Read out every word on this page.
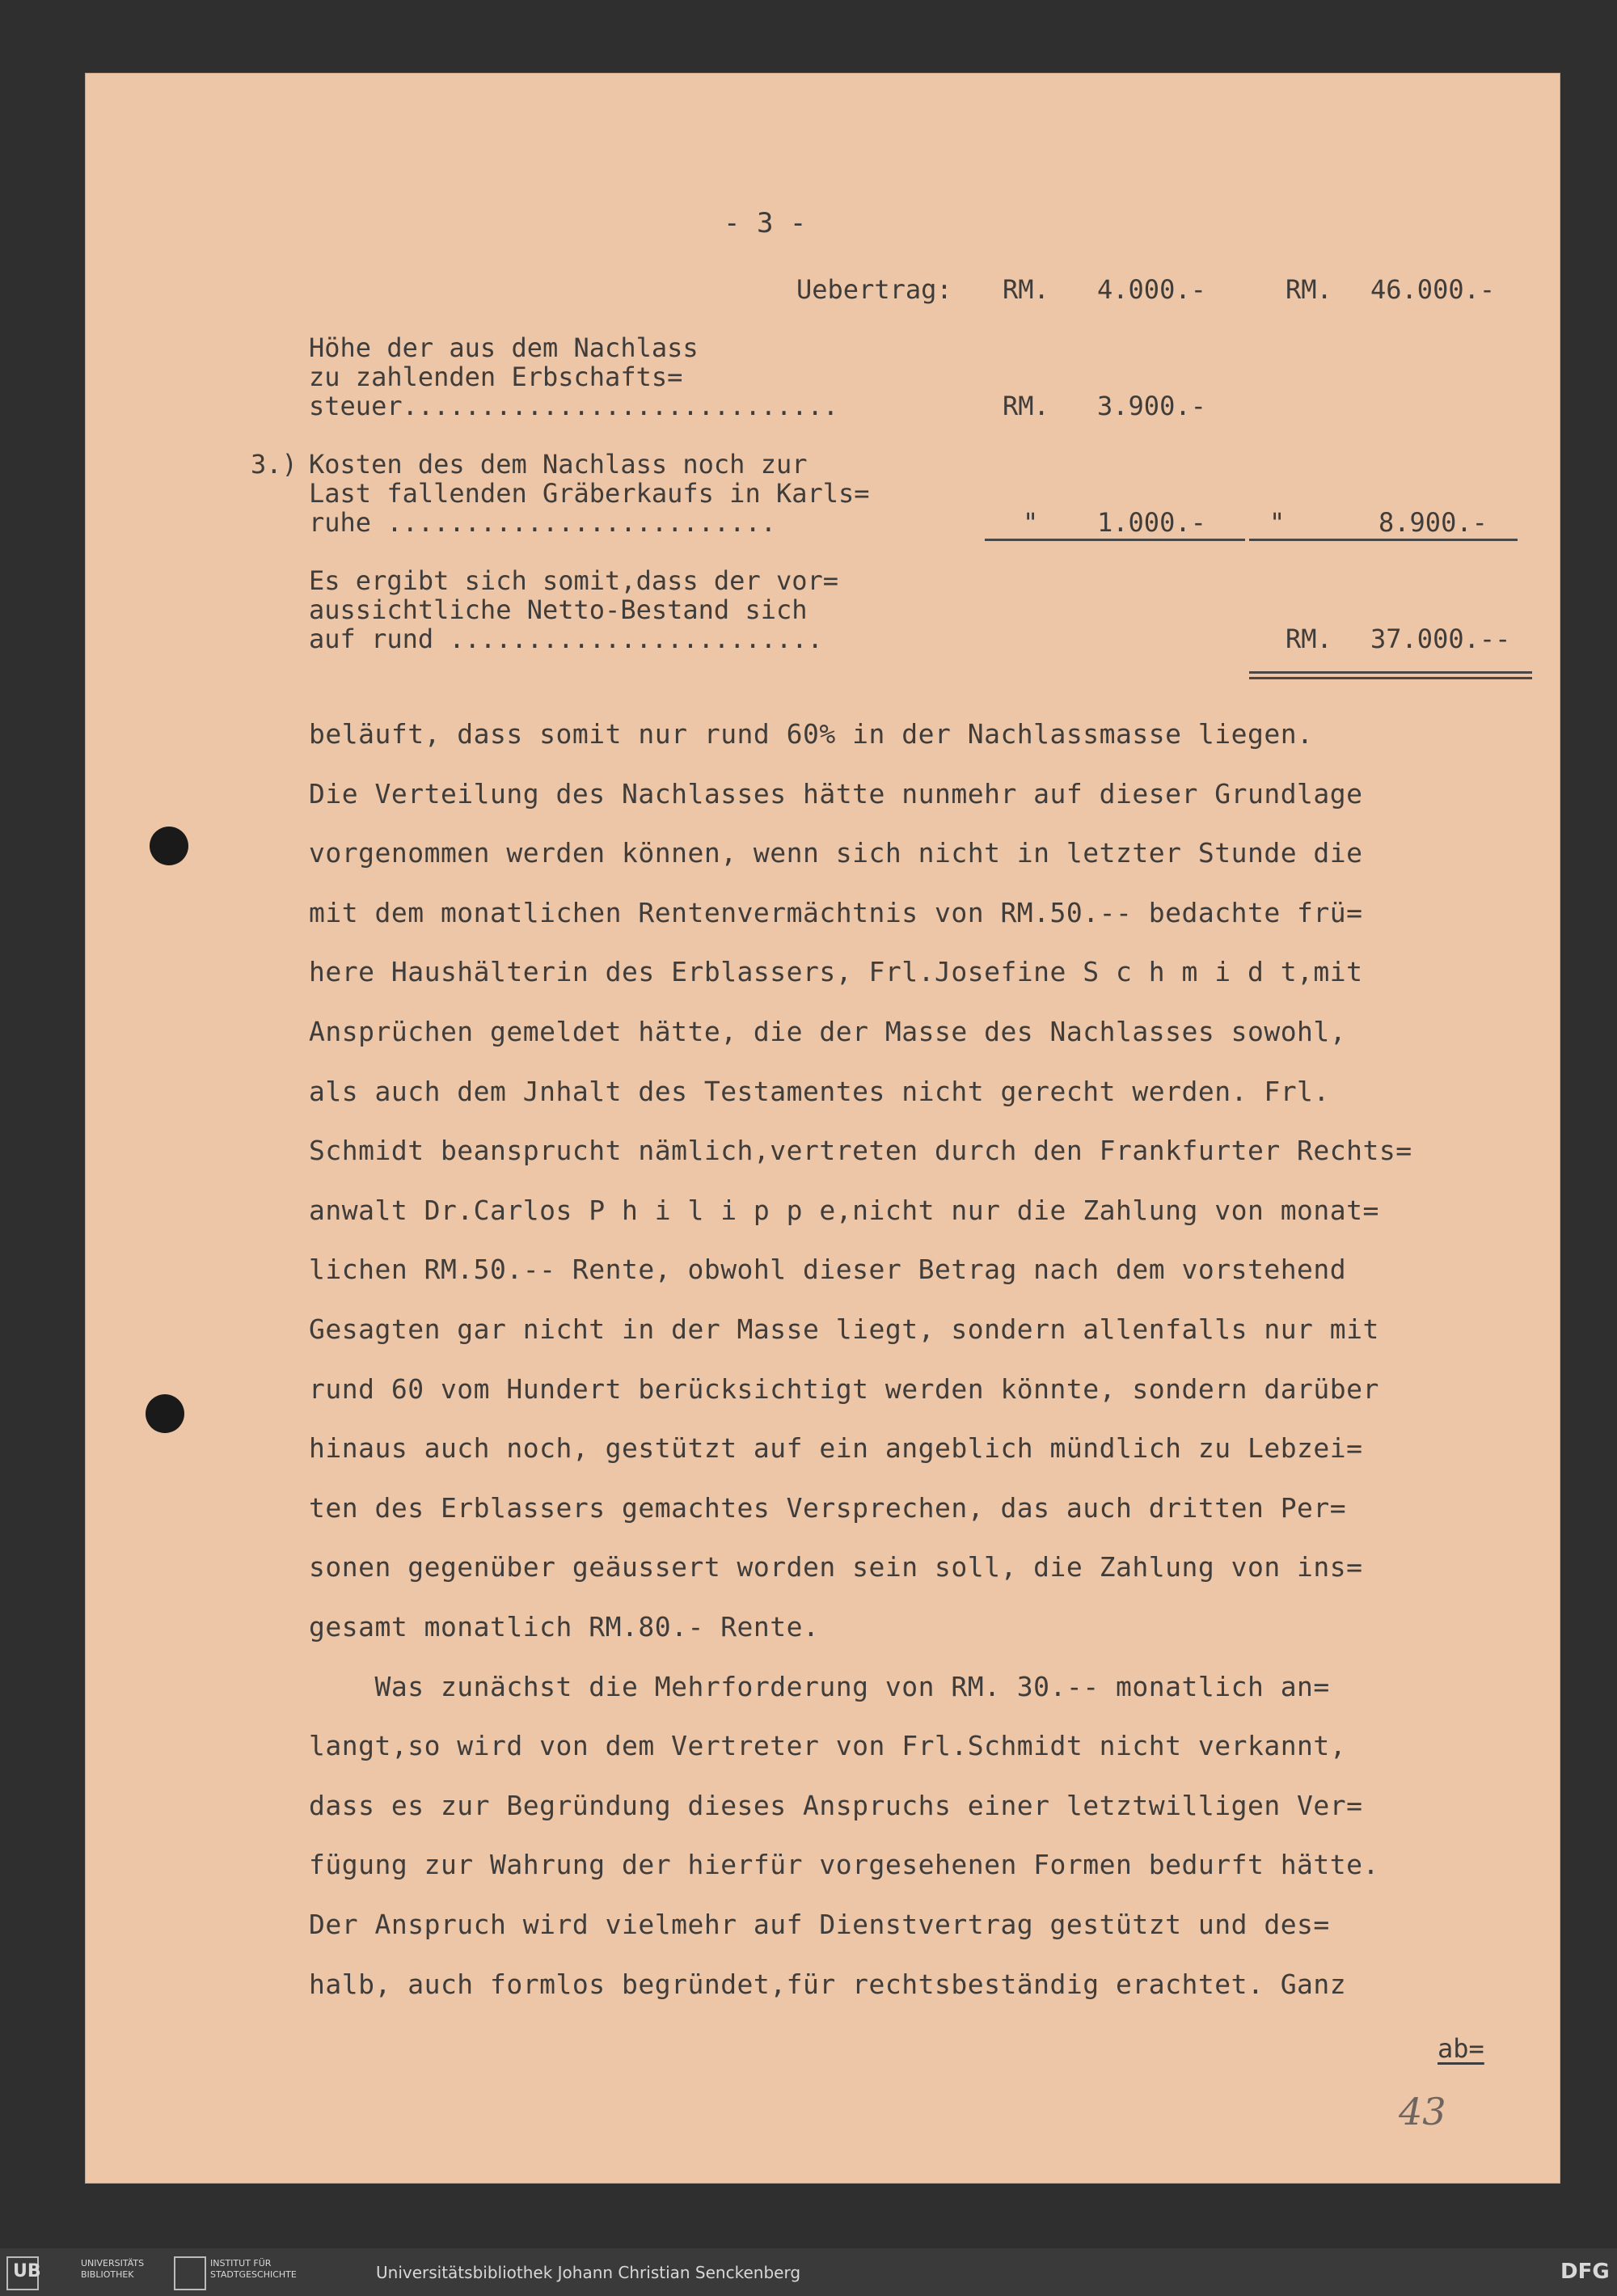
- 3 -
Uebertrag: RM. 4.000.-	RM. 46.000.-
Höhe der aus dem Nachlass
zu zahlenden Erbschafts=
steuer............................	RM. 3.900.-
3.) Kosten des dem Nachlass noch zur
Last fallenden Gräberkaufs in Karls=
ruhe .........................	" 1.000.- "	8.900.-
Es ergibt sich somit,dass der vor=
aussichtliche Netto-Bestand sich
auf rund ........................	RM. 37.000.--
beläuft, dass somit nur rund 60% in der Nachlassmasse liegen.
Die Verteilung des Nachlasses hätte nunmehr auf dieser Grundlage
vorgenommen werden können, wenn sich nicht in letzter Stunde die
mit dem monatlichen Rentenvermächtnis von RM.50.-- bedachte frü=
here Haushälterin des Erblassers, Frl.Josefine S c h m i d t,mit
Ansprüchen gemeldet hätte, die der Masse des Nachlasses sowohl,
als auch dem Jnhalt des Testamentes nicht gerecht werden. Frl.
Schmidt beansprucht nämlich,vertreten durch den Frankfurter Rechts=
anwalt Dr.Carlos P h i l i p p e,nicht nur die Zahlung von monat=
lichen RM.50.-- Rente, obwohl dieser Betrag nach dem vorstehend
Gesagten gar nicht in der Masse liegt, sondern allenfalls nur mit
rund 60 vom Hundert berücksichtigt werden könnte, sondern darüber
hinaus auch noch, gestützt auf ein angeblich mündlich zu Lebzei=
ten des Erblassers gemachtes Versprechen, das auch dritten Per=
sonen gegenüber geäussert worden sein soll, die Zahlung von ins=
gesamt monatlich RM.80.- Rente.
Was zunächst die Mehrforderung von RM. 30.-- monatlich an=
langt,so wird von dem Vertreter von Frl.Schmidt nicht verkannt,
dass es zur Begründung dieses Anspruchs einer letztwilligen Ver=
fügung zur Wahrung der hierfür vorgesehenen Formen bedurft hätte.
Der Anspruch wird vielmehr auf Dienstvertrag gestützt und des=
halb, auch formlos begründet,für rechtsbeständig erachtet. Ganz
ab=
43
UB	UNIVERSITÄTS BIBLIOTHEK
INSTITUT FÜR STADTGESCHICHTE	Universitätsbibliothek Johann Christian Senckenberg	DFG
